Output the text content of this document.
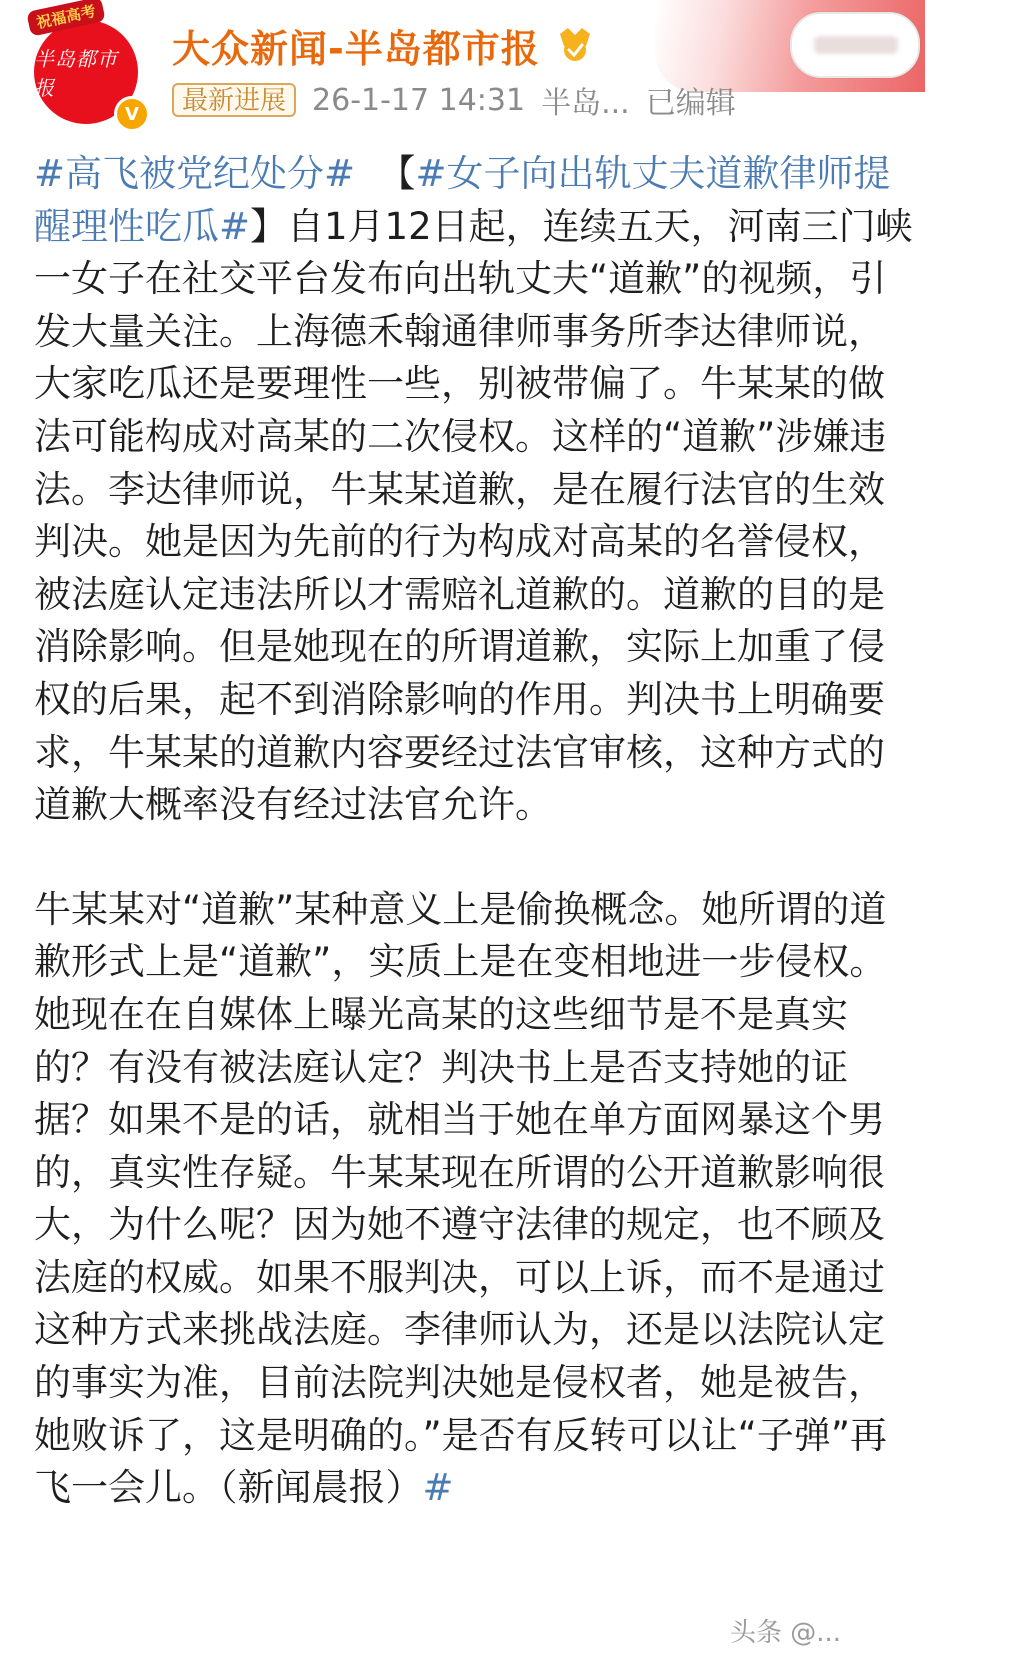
半岛都市报
祝福高考
V
大众新闻-半岛都市报
最新进展 26-1-17 14:31 半岛... 已编辑

#高飞被党纪处分# 【#女子向出轨丈夫道歉律师提醒理性吃瓜#】自1月12日起，连续五天，河南三门峡一女子在社交平台发布向出轨丈夫“道歉”的视频，引发大量关注。上海德禾翰通律师事务所李达律师说，大家吃瓜还是要理性一些，别被带偏了。牛某某的做法可能构成对高某的二次侵权。这样的“道歉”涉嫌违法。李达律师说，牛某某道歉，是在履行法官的生效判决。她是因为先前的行为构成对高某的名誉侵权，被法庭认定违法所以才需赔礼道歉的。道歉的目的是消除影响。但是她现在的所谓道歉，实际上加重了侵权的后果，起不到消除影响的作用。判决书上明确要求，牛某某的道歉内容要经过法官审核，这种方式的道歉大概率没有经过法官允许。

牛某某对“道歉”某种意义上是偷换概念。她所谓的道歉形式上是“道歉”，实质上是在变相地进一步侵权。她现在在自媒体上曝光高某的这些细节是不是真实的？有没有被法庭认定？判决书上是否支持她的证据？如果不是的话，就相当于她在单方面网暴这个男的，真实性存疑。牛某某现在所谓的公开道歉影响很大，为什么呢？因为她不遵守法律的规定，也不顾及法庭的权威。如果不服判决，可以上诉，而不是通过这种方式来挑战法庭。李律师认为，还是以法院认定的事实为准，目前法院判决她是侵权者，她是被告，她败诉了，这是明确的。”是否有反转可以让“子弹”再飞一会儿。（新闻晨报）#

头条 @...
